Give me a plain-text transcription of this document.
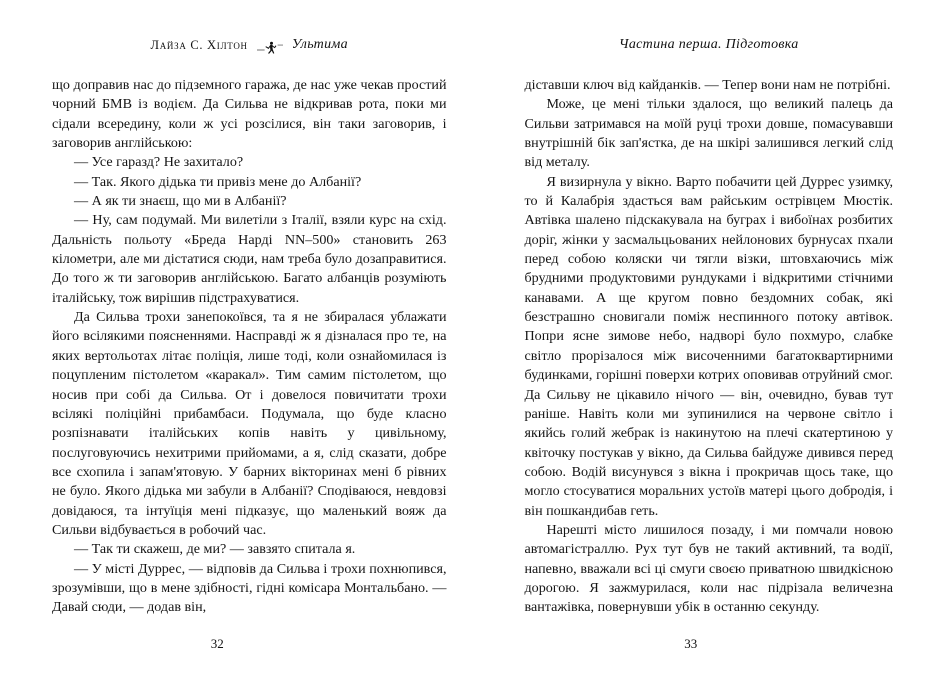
Лайза С. Хілтон	Ультима

що доправив нас до підземного гаража, де нас уже чекав простий чорний БМВ із водієм. Да Сильва не відкривав рота, поки ми сідали всередину, коли ж усі розсілися, він таки заговорив, і заговорив англійською:

— Усе гаразд? Не захитало?

— Так. Якого дідька ти привіз мене до Албанії?

— А як ти знаєш, що ми в Албанії?

— Ну, сам подумай. Ми вилетіли з Італії, взяли курс на схід. Дальність польоту «Бреда Нарді NN–500» становить 263 кілометри, але ми дістатися сюди, нам треба було дозаправитися. До того ж ти заговорив англійською. Багато албанців розуміють італійську, тож вирішив підстрахуватися.

Да Сильва трохи занепокоївся, та я не збиралася ублажати його всілякими поясненнями. Насправді ж я дізналася про те, на яких вертольотах літає поліція, лише тоді, коли ознайомилася із поцупленим пістолетом «каракал». Тим самим пістолетом, що носив при собі да Сильва. От і довелося повичитати трохи всілякі поліційні прибамбаси. Подумала, що буде класно розпізнавати італійських копів навіть у цивільному, послуговуючись нехитрими прийомами, а я, слід сказати, добре все схопила і запам'ятовую. У барних вікторинах мені б рівних не було. Якого дідька ми забули в Албанії? Сподіваюся, невдовзі довідаюся, та інтуїція мені підказує, що маленький вояж да Сильви відбувається в робочий час.

— Так ти скажеш, де ми? — завзято спитала я.

— У місті Дуррес, — відповів да Сильва і трохи похнюпився, зрозумівши, що в мене здібності, гідні комісара Монтальбано. — Давай сюди, — додав він,

32
Частина перша. Підготовка

діставши ключ від кайданків. — Тепер вони нам не потрібні.

Може, це мені тільки здалося, що великий палець да Сильви затримався на моїй руці трохи довше, помасувавши внутрішній бік зап'ястка, де на шкірі залишився легкий слід від металу.

Я визирнула у вікно. Варто побачити цей Дуррес узимку, то й Калабрія здасться вам райським острівцем Мюстік. Автівка шалено підскакувала на буграх і вибоїнах розбитих доріг, жінки у засмальцьованих нейлонових бурнусах пхали перед собою коляски чи тягли візки, штовхаючись між брудними продуктовими рундуками і відкритими стічними канавами. А ще кругом повно бездомних собак, які безстрашно сновигали поміж неспинного потоку автівок. Попри ясне зимове небо, надворі було похмуро, слабке світло прорізалося між височенними багатоквартирними будинками, горішні поверхи котрих оповивав отруйний смог. Да Сильву не цікавило нічого — він, очевидно, бував тут раніше. Навіть коли ми зупинилися на червоне світло і якийсь голий жебрак із накинутою на плечі скатертиною у квіточку постукав у вікно, да Сильва байдуже дивився перед собою. Водій висунувся з вікна і прокричав щось таке, що могло стосуватися моральних устоїв матері цього добродія, і він пошкандибав геть.

Нарешті місто лишилося позаду, і ми помчали новою автомагістраллю. Рух тут був не такий активний, та водії, напевно, вважали всі ці смуги своєю приватною швидкісною дорогою. Я зажмурилася, коли нас підрізала величезна вантажівка, повернувши убік в останню секунду.

33
